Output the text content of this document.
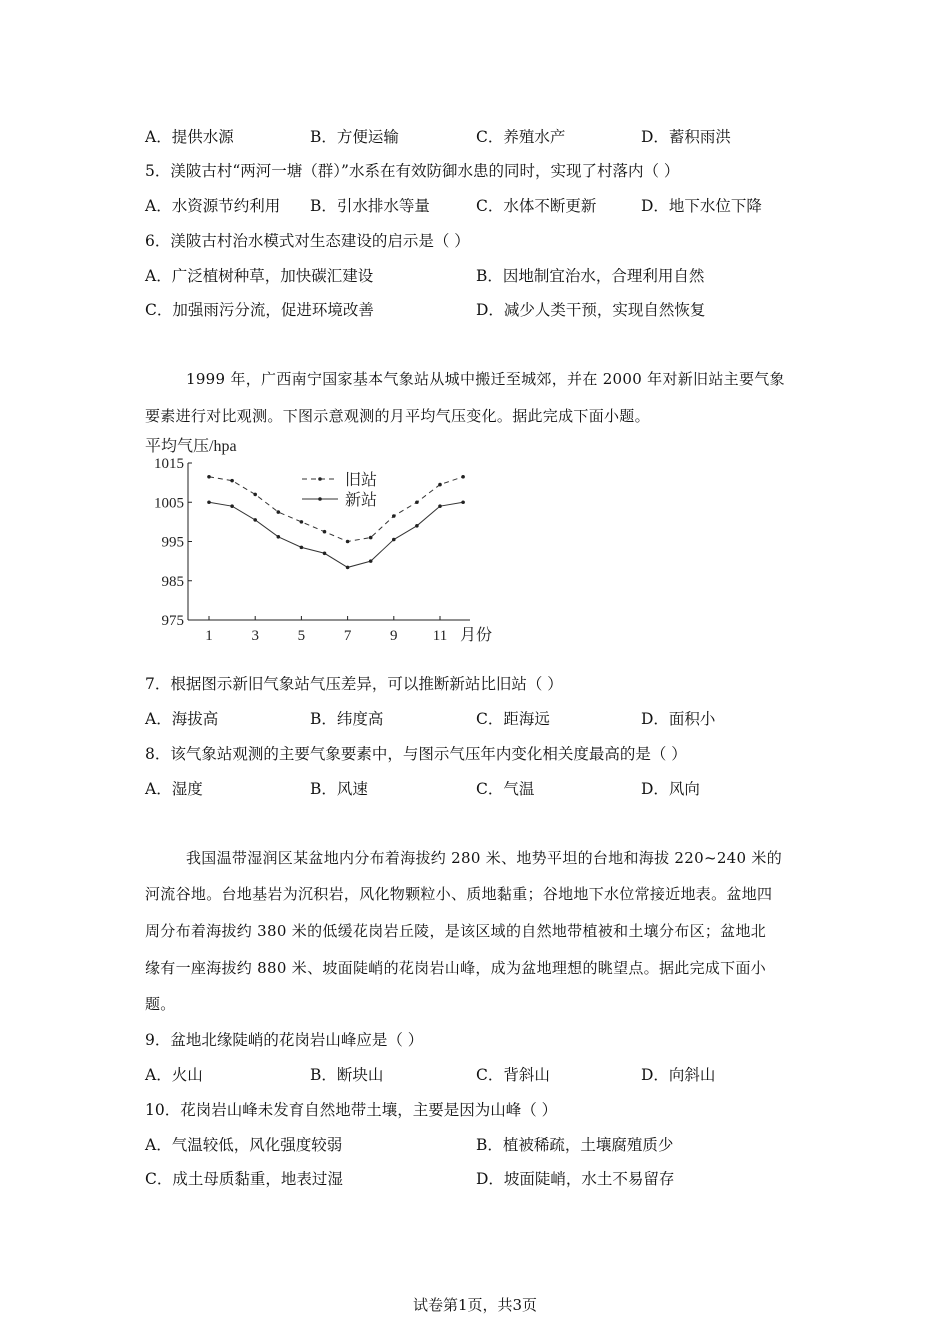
A．提供水源	B．方便运输	C．养殖水产	D．蓄积雨洪
5．渼陂古村“两河一塘（群）”水系在有效防御水患的同时，实现了村落内（ ）
A．水资源节约利用 B．引水排水等量	C．水体不断更新	D．地下水位下降
6．渼陂古村治水模式对生态建设的启示是（ ）
A．广泛植树种草，加快碳汇建设	B．因地制宜治水，合理利用自然
C．加强雨污分流，促进环境改善	D．减少人类干预，实现自然恢复
1999 年，广西南宁国家基本气象站从城中搬迁至城郊，并在 2000 年对新旧站主要气象
要素进行对比观测。下图示意观测的月平均气压变化。据此完成下面小题。
平均气压/hpa
1015
1005
995
985
975
1	3	5	7	9 11 月份
旧站
新站
7．根据图示新旧气象站气压差异，可以推断新站比旧站（ ）
A．海拔高	B．纬度高	C．距海远	D．面积小
8．该气象站观测的主要气象要素中，与图示气压年内变化相关度最高的是（ ）
A．湿度	B．风速	C．气温	D．风向
我国温带湿润区某盆地内分布着海拔约 280 米、地势平坦的台地和海拔 220~240 米的
河流谷地。台地基岩为沉积岩，风化物颗粒小、质地黏重；谷地地下水位常接近地表。盆地四
周分布着海拔约 380 米的低缓花岗岩丘陵，是该区域的自然地带植被和土壤分布区；盆地北
缘有一座海拔约 880 米、坡面陡峭的花岗岩山峰，成为盆地理想的眺望点。据此完成下面小
题。
9．盆地北缘陡峭的花岗岩山峰应是（ ）
A．火山	B．断块山	C．背斜山	D．向斜山
10．花岗岩山峰未发育自然地带土壤，主要是因为山峰（ ）
A．气温较低，风化强度较弱	B．植被稀疏，土壤腐殖质少
C．成土母质黏重，地表过湿	D．坡面陡峭，水土不易留存
试卷第1页，共3页
